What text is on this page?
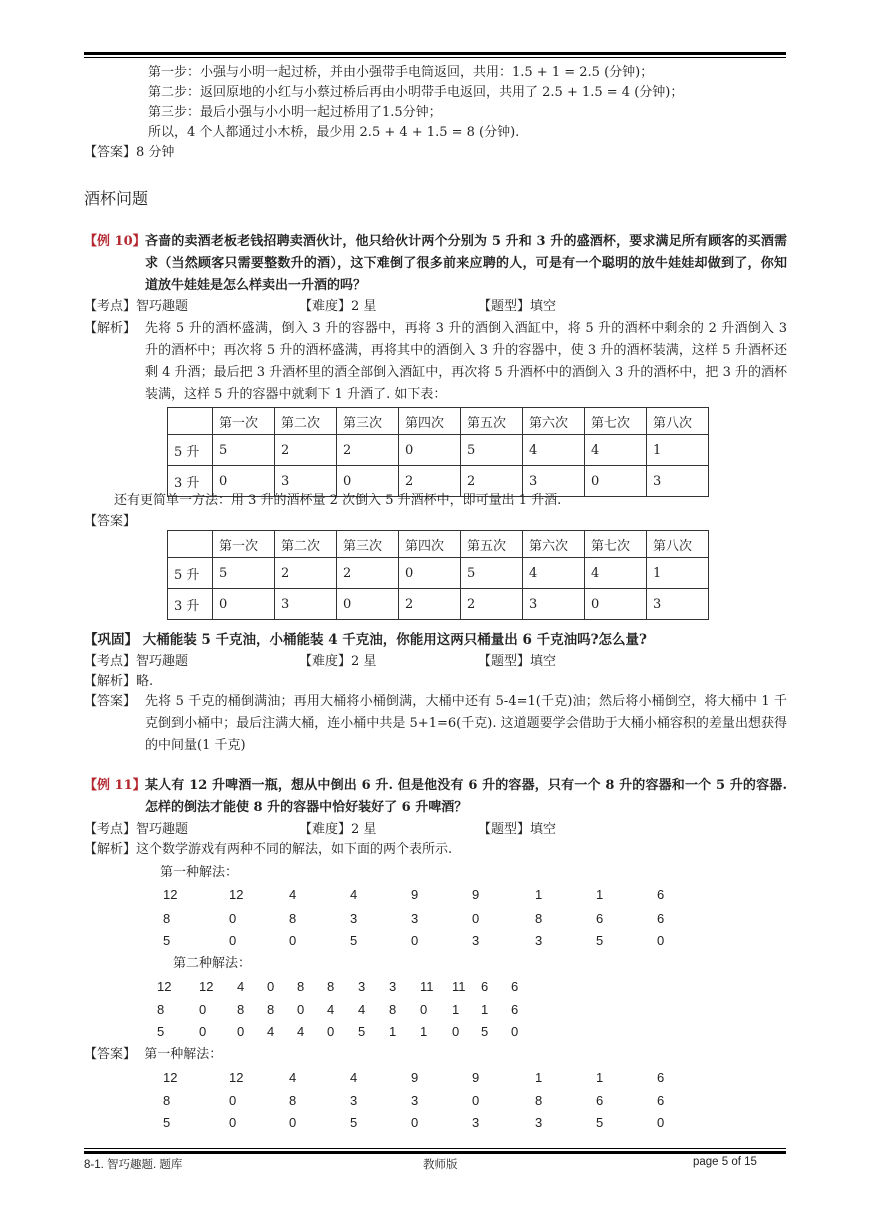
第一步：小强与小明一起过桥，并由小强带手电筒返回，共用：1.5 + 1 = 2.5 (分钟)；
第二步：返回原地的小红与小蔡过桥后再由小明带手电返回，共用了 2.5 + 1.5 = 4 (分钟)；
第三步：最后小强与小小明一起过桥用了1.5分钟；
所以，4 个人都通过小木桥，最少用 2.5 + 4 + 1.5 = 8 (分钟).
【答案】8 分钟
酒杯问题
【例 10】 吝啬的卖酒老板老钱招聘卖酒伙计，他只给伙计两个分别为 5 升和 3 升的盛酒杯，要求满足所有顾客的买酒需求（当然顾客只需要整数升的酒），这下难倒了很多前来应聘的人，可是有一个聪明的放牛娃娃却做到了，你知道放牛娃娃是怎么样卖出一升酒的吗？
【考点】智巧趣题	【难度】2 星	【题型】填空
【解析】 先将 5 升的酒杯盛满，倒入 3 升的容器中，再将 3 升的酒倒入酒缸中，将 5 升的酒杯中剩余的 2 升酒倒入 3 升的酒杯中；再次将 5 升的酒杯盛满，再将其中的酒倒入 3 升的容器中，使 3 升的酒杯装满，这样 5 升酒杯还剩 4 升酒；最后把 3 升酒杯里的酒全部倒入酒缸中，再次将 5 升酒杯中的酒倒入 3 升的酒杯中，把 3 升的酒杯装满，这样 5 升的容器中就剩下 1 升酒了. 如下表：
	第一次	第二次	第三次	第四次	第五次	第六次	第七次	第八次
5 升	5	2	2	0	5	4	4	1
3 升	0	3	0	2	2	3	0	3
还有更简单一方法：用 3 升的酒杯量 2 次倒入 5 升酒杯中，即可量出 1 升酒.
【答案】
	第一次	第二次	第三次	第四次	第五次	第六次	第七次	第八次
5 升	5	2	2	0	5	4	4	1
3 升	0	3	0	2	2	3	0	3
【巩固】 大桶能装 5 千克油，小桶能装 4 千克油，你能用这两只桶量出 6 千克油吗?怎么量?
【考点】智巧趣题	【难度】2 星	【题型】填空
【解析】略.
【答案】 先将 5 千克的桶倒满油；再用大桶将小桶倒满，大桶中还有 5-4=1(千克)油；然后将小桶倒空，将大桶中 1 千克倒到小桶中；最后注满大桶，连小桶中共是 5+1=6(千克). 这道题要学会借助于大桶小桶容积的差量出想获得的中间量(1 千克)
【例 11】 某人有 12 升啤酒一瓶，想从中倒出 6 升. 但是他没有 6 升的容器，只有一个 8 升的容器和一个 5 升的容器. 怎样的倒法才能使 8 升的容器中恰好装好了 6 升啤酒？
【考点】智巧趣题	【难度】2 星	【题型】填空
【解析】这个数学游戏有两种不同的解法，如下面的两个表所示.
第一种解法：
12	12	4	4	9	9	1	1	6
8	0	8	3	3	0	8	6	6
5	0	0	5	0	3	3	5	0
第二种解法：
12 12 4 0 8 8 3 3 11 11 6 6
8	0 8 8 0 4 4 8 0 1 1 6
5	0 0 4 4 0 5 1 1 0 5 0
【答案】 第一种解法：
12	12	4	4	9	9	1	1	6
8	0	8	3	3	0	8	6	6
5	0	0	5	0	3	3	5	0
8-1. 智巧趣题. 题库	教师版	page 5 of 15
